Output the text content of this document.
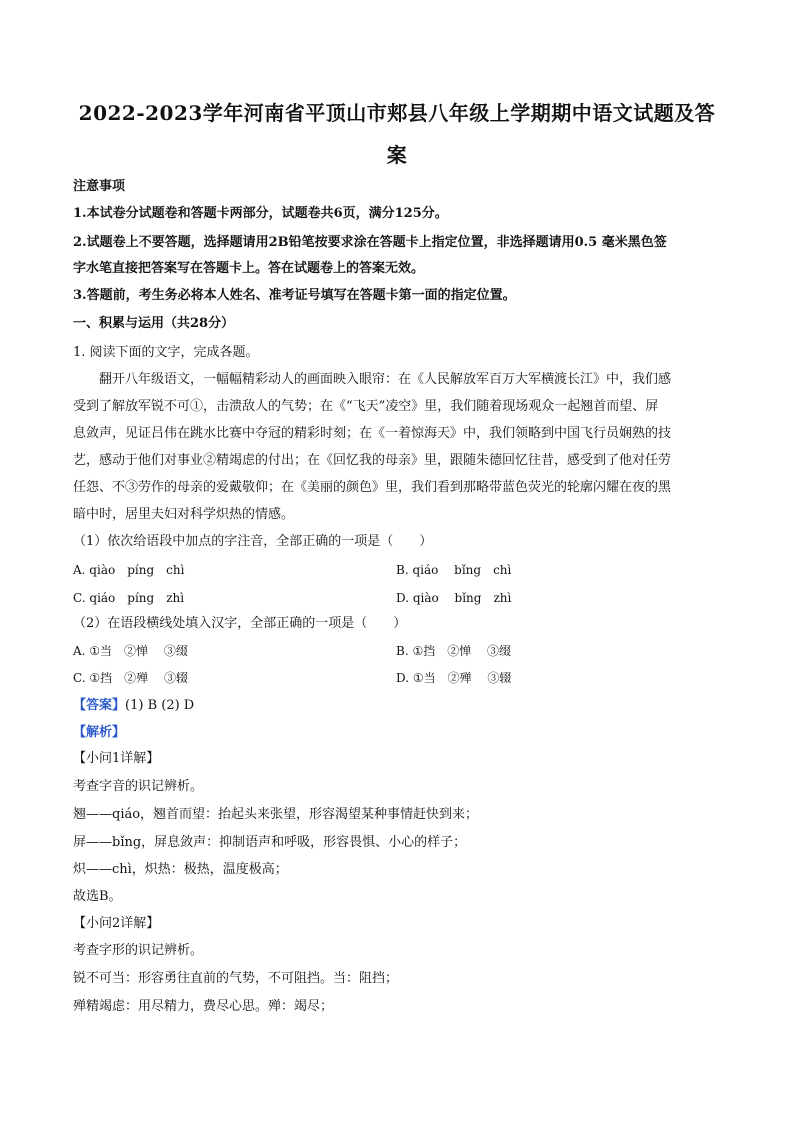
2022-2023学年河南省平顶山市郏县八年级上学期期中语文试题及答
案
注意事项
1.本试卷分试题卷和答题卡两部分，试题卷共6页，满分125分。
2.试题卷上不要答题，选择题请用2B铅笔按要求涂在答题卡上指定位置，非选择题请用0.5 毫米黑色签
字水笔直接把答案写在答题卡上。答在试题卷上的答案无效。
3.答题前，考生务必将本人姓名、准考证号填写在答题卡第一面的指定位置。
一、积累与运用（共28分）
1. 阅读下面的文字，完成各题。
翻开八年级语文，一幅幅精彩动人的画面映入眼帘：在《人民解放军百万大军横渡长江》中，我们感
受到了解放军锐不可①，击溃敌人的气势；在《“飞天”凌空》里，我们随着现场观众一起翘首而望、屏
息敛声，见证吕伟在跳水比赛中夺冠的精彩时刻；在《一着惊海天》中，我们领略到中国飞行员娴熟的技
艺，感动于他们对事业②精竭虑的付出；在《回忆我的母亲》里，跟随朱德回忆往昔，感受到了他对任劳
任怨、不③劳作的母亲的爱戴敬仰；在《美丽的颜色》里，我们看到那略带蓝色荧光的轮廓闪耀在夜的黑
暗中时，居里夫妇对科学炽热的情感。
（1）依次给语段中加点的字注音，全部正确的一项是（　　）
A. qiào　píng　chì	B. qiáo　 bǐng　chì
C. qiáo　píng　zhì	D. qiào　 bǐng　zhì
（2）在语段横线处填入汉字，全部正确的一项是（　　）
A. ①当　②惮　 ③缀	B. ①挡　②惮　 ③缀
C. ①挡　②殚　 ③辍	D. ①当　②殚　 ③辍
【答案】(1) B (2) D
【解析】
【小问1详解】
考查字音的识记辨析。
翘——qiáo，翘首而望：抬起头来张望，形容渴望某种事情赶快到来；
屏——bǐng，屏息敛声：抑制语声和呼吸，形容畏惧、小心的样子；
炽——chì，炽热：极热，温度极高；
故选B。
【小问2详解】
考查字形的识记辨析。
锐不可当：形容勇往直前的气势，不可阻挡。当：阻挡；
殚精竭虑：用尽精力，费尽心思。殚：竭尽；
